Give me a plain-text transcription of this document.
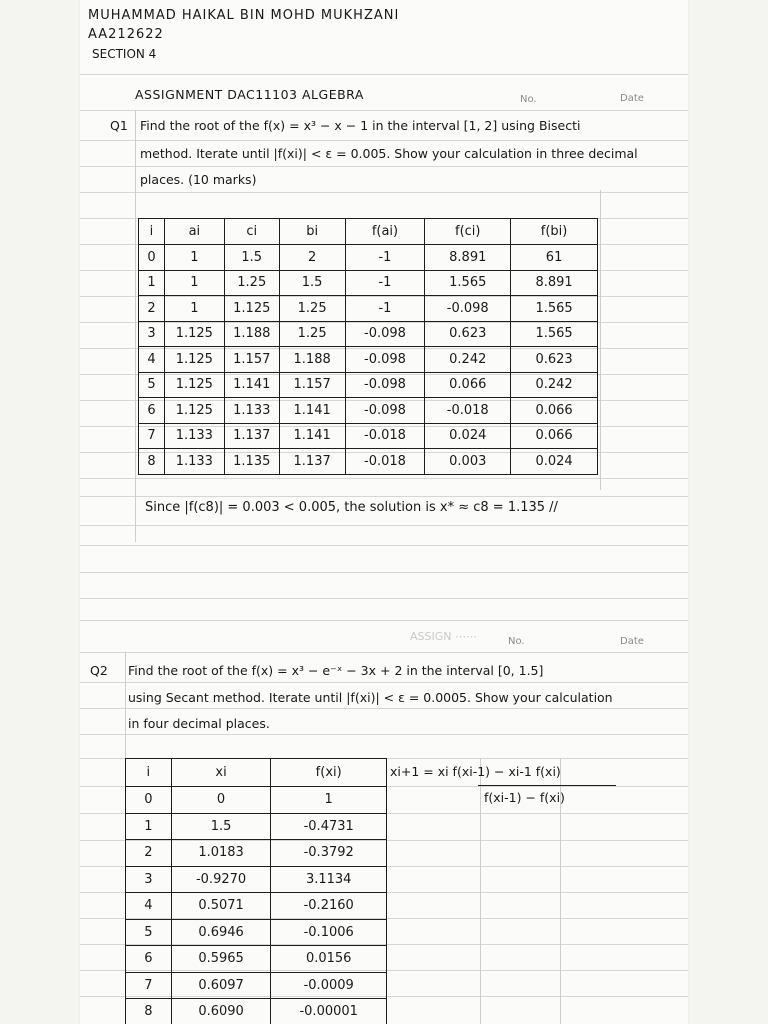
MUHAMMAD HAIKAL BIN MOHD MUKHZANI
AA212622
SECTION 4
ASSIGNMENT DAC11103 ALGEBRA	No.	Date
Q1 Find the root of the f(x) = x³ − x − 1 in the interval [1, 2] using Bisecti
method. Iterate until |f(xi)| < ε = 0.005. Show your calculation in three decimal
places. (10 marks)
i	ai	ci	bi	f(ai)	f(ci)	f(bi)
0	1	1.5	2	-1	8.891	61
1	1	1.25	1.5	-1	1.565	8.891
2	1	1.125	1.25	-1	-0.098	1.565
3	1.125	1.188	1.25	-0.098	0.623	1.565
4	1.125	1.157	1.188	-0.098	0.242	0.623
5	1.125	1.141	1.157	-0.098	0.066	0.242
6	1.125	1.133	1.141	-0.098	-0.018	0.066
7	1.133	1.137	1.141	-0.018	0.024	0.066
8	1.133	1.135	1.137	-0.018	0.003	0.024
Since |f(c8)| = 0.003 < 0.005, the solution is x* ≈ c8 = 1.135 //
ASSIGN ⋯⋯	No.	Date
Q2 Find the root of the f(x) = x³ − e⁻ˣ − 3x + 2 in the interval [0, 1.5]
using Secant method. Iterate until |f(xi)| < ε = 0.0005. Show your calculation
in four decimal places.
i	xi	f(xi)
0	0	1
1	1.5	-0.4731
2	1.0183	-0.3792
3	-0.9270	3.1134
4	0.5071	-0.2160
5	0.6946	-0.1006
6	0.5965	0.0156
7	0.6097	-0.0009
8	0.6090	-0.00001
xi+1 = xi f(xi-1) − xi-1 f(xi)
f(xi-1) − f(xi)
